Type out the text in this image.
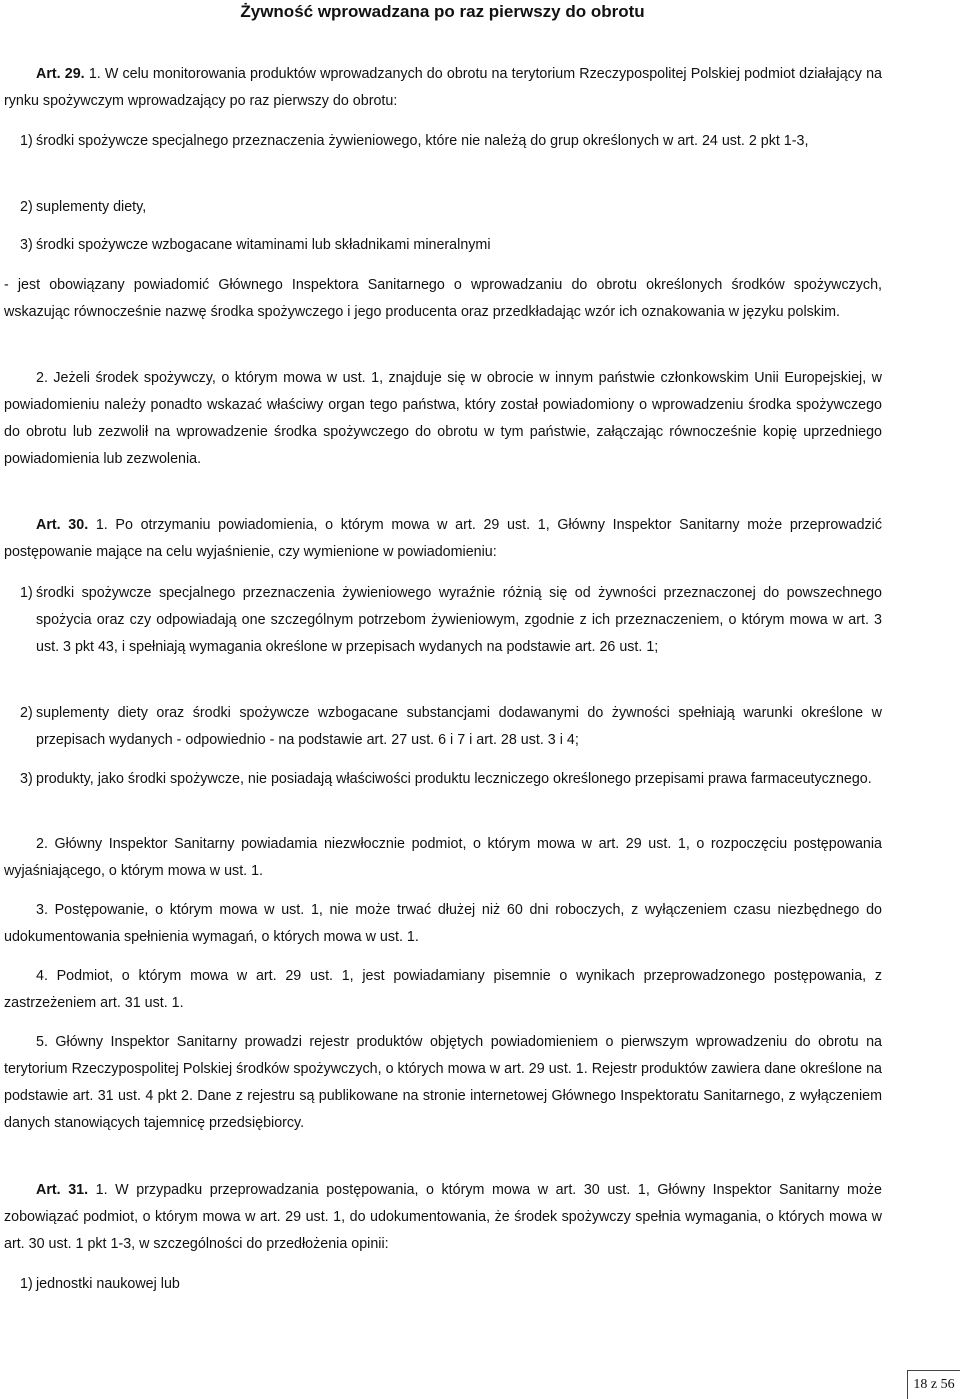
Żywność wprowadzana po raz pierwszy do obrotu
Art. 29. 1. W celu monitorowania produktów wprowadzanych do obrotu na terytorium Rzeczypospolitej Polskiej podmiot działający na rynku spożywczym wprowadzający po raz pierwszy do obrotu:
1) środki spożywcze specjalnego przeznaczenia żywieniowego, które nie należą do grup określonych w art. 24 ust. 2 pkt 1-3,
2) suplementy diety,
3) środki spożywcze wzbogacane witaminami lub składnikami mineralnymi
- jest obowiązany powiadomić Głównego Inspektora Sanitarnego o wprowadzaniu do obrotu określonych środków spożywczych, wskazując równocześnie nazwę środka spożywczego i jego producenta oraz przedkładając wzór ich oznakowania w języku polskim.
2. Jeżeli środek spożywczy, o którym mowa w ust. 1, znajduje się w obrocie w innym państwie członkowskim Unii Europejskiej, w powiadomieniu należy ponadto wskazać właściwy organ tego państwa, który został powiadomiony o wprowadzeniu środka spożywczego do obrotu lub zezwolił na wprowadzenie środka spożywczego do obrotu w tym państwie, załączając równocześnie kopię uprzedniego powiadomienia lub zezwolenia.
Art. 30. 1. Po otrzymaniu powiadomienia, o którym mowa w art. 29 ust. 1, Główny Inspektor Sanitarny może przeprowadzić postępowanie mające na celu wyjaśnienie, czy wymienione w powiadomieniu:
1) środki spożywcze specjalnego przeznaczenia żywieniowego wyraźnie różnią się od żywności przeznaczonej do powszechnego spożycia oraz czy odpowiadają one szczególnym potrzebom żywieniowym, zgodnie z ich przeznaczeniem, o którym mowa w art. 3 ust. 3 pkt 43, i spełniają wymagania określone w przepisach wydanych na podstawie art. 26 ust. 1;
2) suplementy diety oraz środki spożywcze wzbogacane substancjami dodawanymi do żywności spełniają warunki określone w przepisach wydanych - odpowiednio - na podstawie art. 27 ust. 6 i 7 i art. 28 ust. 3 i 4;
3) produkty, jako środki spożywcze, nie posiadają właściwości produktu leczniczego określonego przepisami prawa farmaceutycznego.
2. Główny Inspektor Sanitarny powiadamia niezwłocznie podmiot, o którym mowa w art. 29 ust. 1, o rozpoczęciu postępowania wyjaśniającego, o którym mowa w ust. 1.
3. Postępowanie, o którym mowa w ust. 1, nie może trwać dłużej niż 60 dni roboczych, z wyłączeniem czasu niezbędnego do udokumentowania spełnienia wymagań, o których mowa w ust. 1.
4. Podmiot, o którym mowa w art. 29 ust. 1, jest powiadamiany pisemnie o wynikach przeprowadzonego postępowania, z zastrzeżeniem art. 31 ust. 1.
5. Główny Inspektor Sanitarny prowadzi rejestr produktów objętych powiadomieniem o pierwszym wprowadzeniu do obrotu na terytorium Rzeczypospolitej Polskiej środków spożywczych, o których mowa w art. 29 ust. 1. Rejestr produktów zawiera dane określone na podstawie art. 31 ust. 4 pkt 2. Dane z rejestru są publikowane na stronie internetowej Głównego Inspektoratu Sanitarnego, z wyłączeniem danych stanowiących tajemnicę przedsiębiorcy.
Art. 31. 1. W przypadku przeprowadzania postępowania, o którym mowa w art. 30 ust. 1, Główny Inspektor Sanitarny może zobowiązać podmiot, o którym mowa w art. 29 ust. 1, do udokumentowania, że środek spożywczy spełnia wymagania, o których mowa w art. 30 ust. 1 pkt 1-3, w szczególności do przedłożenia opinii:
1) jednostki naukowej lub
18 z 56
